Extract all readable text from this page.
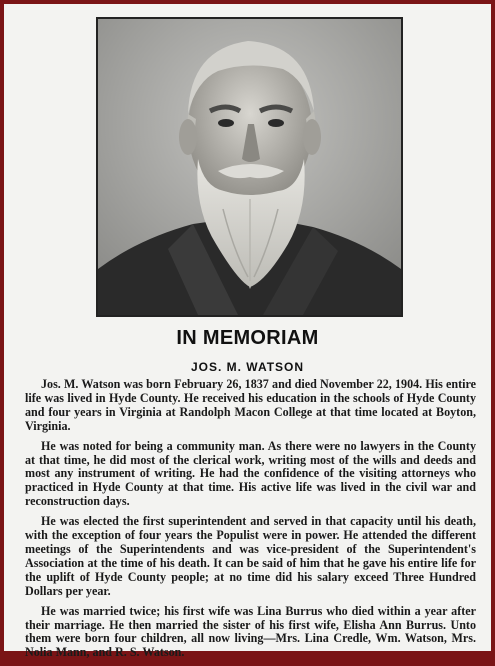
IN MEMORIAM
JOS. M. WATSON

Jos. M. Watson was born February 26, 1837 and died November 22, 1904. His entire life was lived in Hyde County. He received his education in the schools of Hyde County and four years in Virginia at Randolph Macon College at that time located at Boyton, Virginia.

He was noted for being a community man. As there were no lawyers in the County at that time, he did most of the clerical work, writing most of the wills and deeds and most any instrument of writing. He had the confidence of the visiting attorneys who practiced in Hyde County at that time. His active life was lived in the civil war and reconstruction days.

He was elected the first superintendent and served in that capacity until his death, with the exception of four years the Populist were in power. He attended the different meetings of the Superintendents and was vice-president of the Superintendent's Association at the time of his death. It can be said of him that he gave his entire life for the uplift of Hyde County people; at no time did his salary exceed Three Hundred Dollars per year.

He was married twice; his first wife was Lina Burrus who died within a year after their marriage. He then married the sister of his first wife, Elisha Ann Burrus. Unto them were born four children, all now living—Mrs. Lina Credle, Wm. Watson, Mrs. Nolia Mann, and R. S. Watson.
